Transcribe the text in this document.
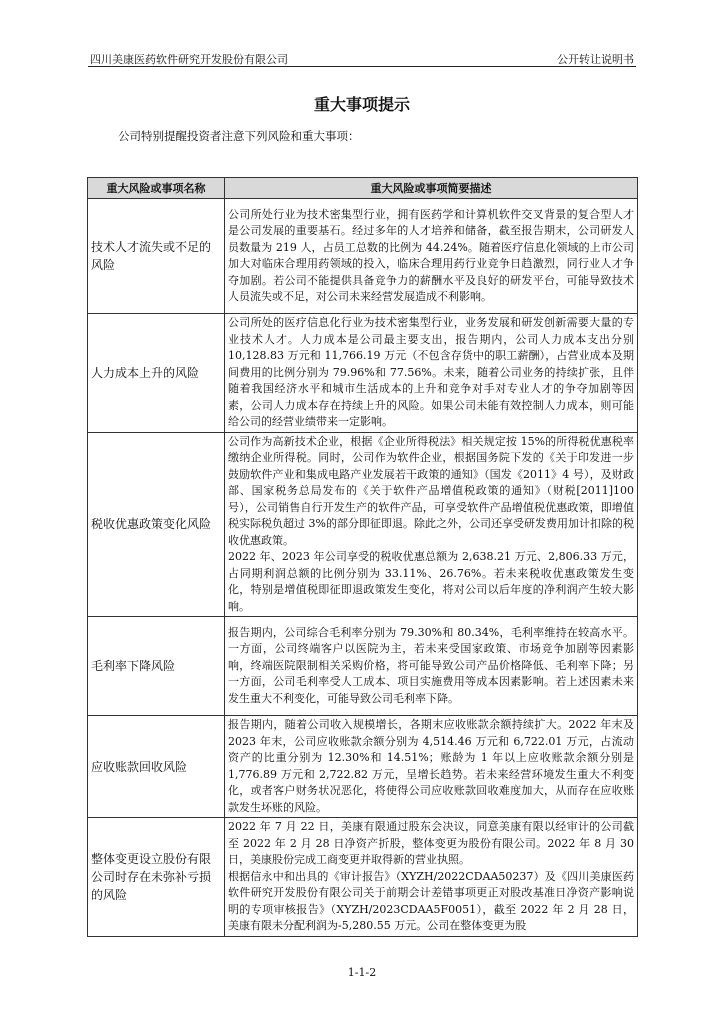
四川美康医药软件研究开发股份有限公司	公开转让说明书
重大事项提示
公司特别提醒投资者注意下列风险和重大事项：
重大风险或事项名称	重大风险或事项简要描述
技术人才流失或不足的风险	公司所处行业为技术密集型行业，拥有医药学和计算机软件交叉背景的复合型人才是公司发展的重要基石。经过多年的人才培养和储备，截至报告期末，公司研发人员数量为 219 人，占员工总数的比例为 44.24%。随着医疗信息化领域的上市公司加大对临床合理用药领域的投入，临床合理用药行业竞争日趋激烈，同行业人才争夺加剧。若公司不能提供具备竞争力的薪酬水平及良好的研发平台，可能导致技术人员流失或不足，对公司未来经营发展造成不利影响。
人力成本上升的风险	公司所处的医疗信息化行业为技术密集型行业，业务发展和研发创新需要大量的专业技术人才。人力成本是公司最主要支出，报告期内，公司人力成本支出分别 10,128.83 万元和 11,766.19 万元（不包含存货中的职工薪酬），占营业成本及期间费用的比例分别为 79.96%和 77.56%。未来，随着公司业务的持续扩张，且伴随着我国经济水平和城市生活成本的上升和竞争对手对专业人才的争夺加剧等因素，公司人力成本存在持续上升的风险。如果公司未能有效控制人力成本，则可能给公司的经营业绩带来一定影响。
税收优惠政策变化风险	公司作为高新技术企业，根据《企业所得税法》相关规定按 15%的所得税优惠税率缴纳企业所得税。同时，公司作为软件企业，根据国务院下发的《关于印发进一步鼓励软件产业和集成电路产业发展若干政策的通知》（国发《2011》4 号），及财政部、国家税务总局发布的《关于软件产品增值税政策的通知》（财税[2011]100 号），公司销售自行开发生产的软件产品，可享受软件产品增值税优惠政策，即增值税实际税负超过 3%的部分即征即退。除此之外，公司还享受研发费用加计扣除的税收优惠政策。
2022 年、2023 年公司享受的税收优惠总额为 2,638.21 万元、2,806.33 万元，占同期利润总额的比例分别为 33.11%、26.76%。若未来税收优惠政策发生变化，特别是增值税即征即退政策发生变化，将对公司以后年度的净利润产生较大影响。

毛利率下降风险	报告期内，公司综合毛利率分别为 79.30%和 80.34%，毛利率维持在较高水平。一方面，公司终端客户以医院为主，若未来受国家政策、市场竞争加剧等因素影响，终端医院限制相关采购价格，将可能导致公司产品价格降低、毛利率下降；另一方面，公司毛利率受人工成本、项目实施费用等成本因素影响。若上述因素未来发生重大不利变化，可能导致公司毛利率下降。
应收账款回收风险	报告期内，随着公司收入规模增长，各期末应收账款余额持续扩大。2022 年末及 2023 年末，公司应收账款余额分别为 4,514.46 万元和 6,722.01 万元，占流动资产的比重分别为 12.30%和 14.51%；账龄为 1 年以上应收账款余额分别是 1,776.89 万元和 2,722.82 万元，呈增长趋势。若未来经营环境发生重大不利变化，或者客户财务状况恶化，将使得公司应收账款回收难度加大，从而存在应收账款发生坏账的风险。
整体变更设立股份有限公司时存在未弥补亏损的风险	2022 年 7 月 22 日，美康有限通过股东会决议，同意美康有限以经审计的公司截至 2022 年 2 月 28 日净资产折股，整体变更为股份有限公司。2022 年 8 月 30 日，美康股份完成工商变更并取得新的营业执照。
根据信永中和出具的《审计报告》（XYZH/2022CDAA50237）及《四川美康医药软件研究开发股份有限公司关于前期会计差错事项更正对股改基准日净资产影响说明的专项审核报告》（XYZH/2023CDAA5F0051），截至 2022 年 2 月 28 日，美康有限未分配利润为-5,280.55 万元。公司在整体变更为股
1-1-2
